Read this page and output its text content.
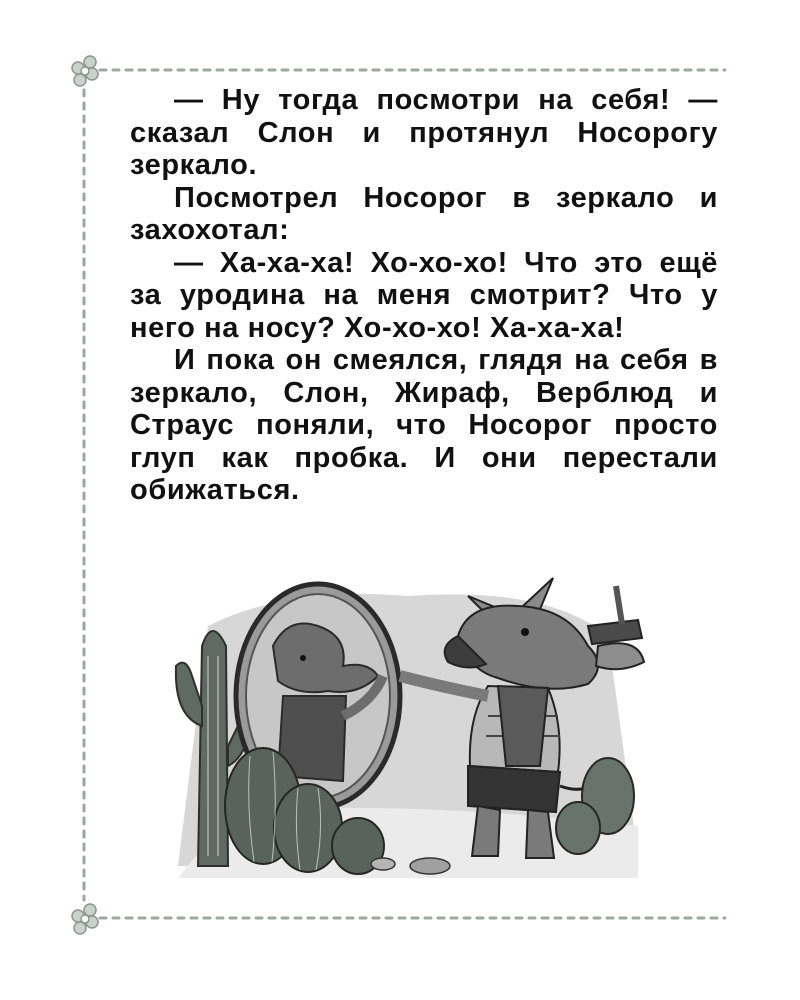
— Ну тогда посмотри на себя! — сказал Слон и протянул Носорогу зеркало.

Посмотрел Носорог в зеркало и захохотал:

— Ха-ха-ха! Хо-хо-хо! Что это ещё за уродина на меня смотрит? Что у него на носу? Хо-хо-хо! Ха-ха-ха!

И пока он смеялся, глядя на себя в зеркало, Слон, Жираф, Верблюд и Страус поняли, что Носорог просто глуп как пробка. И они перестали обижаться.
